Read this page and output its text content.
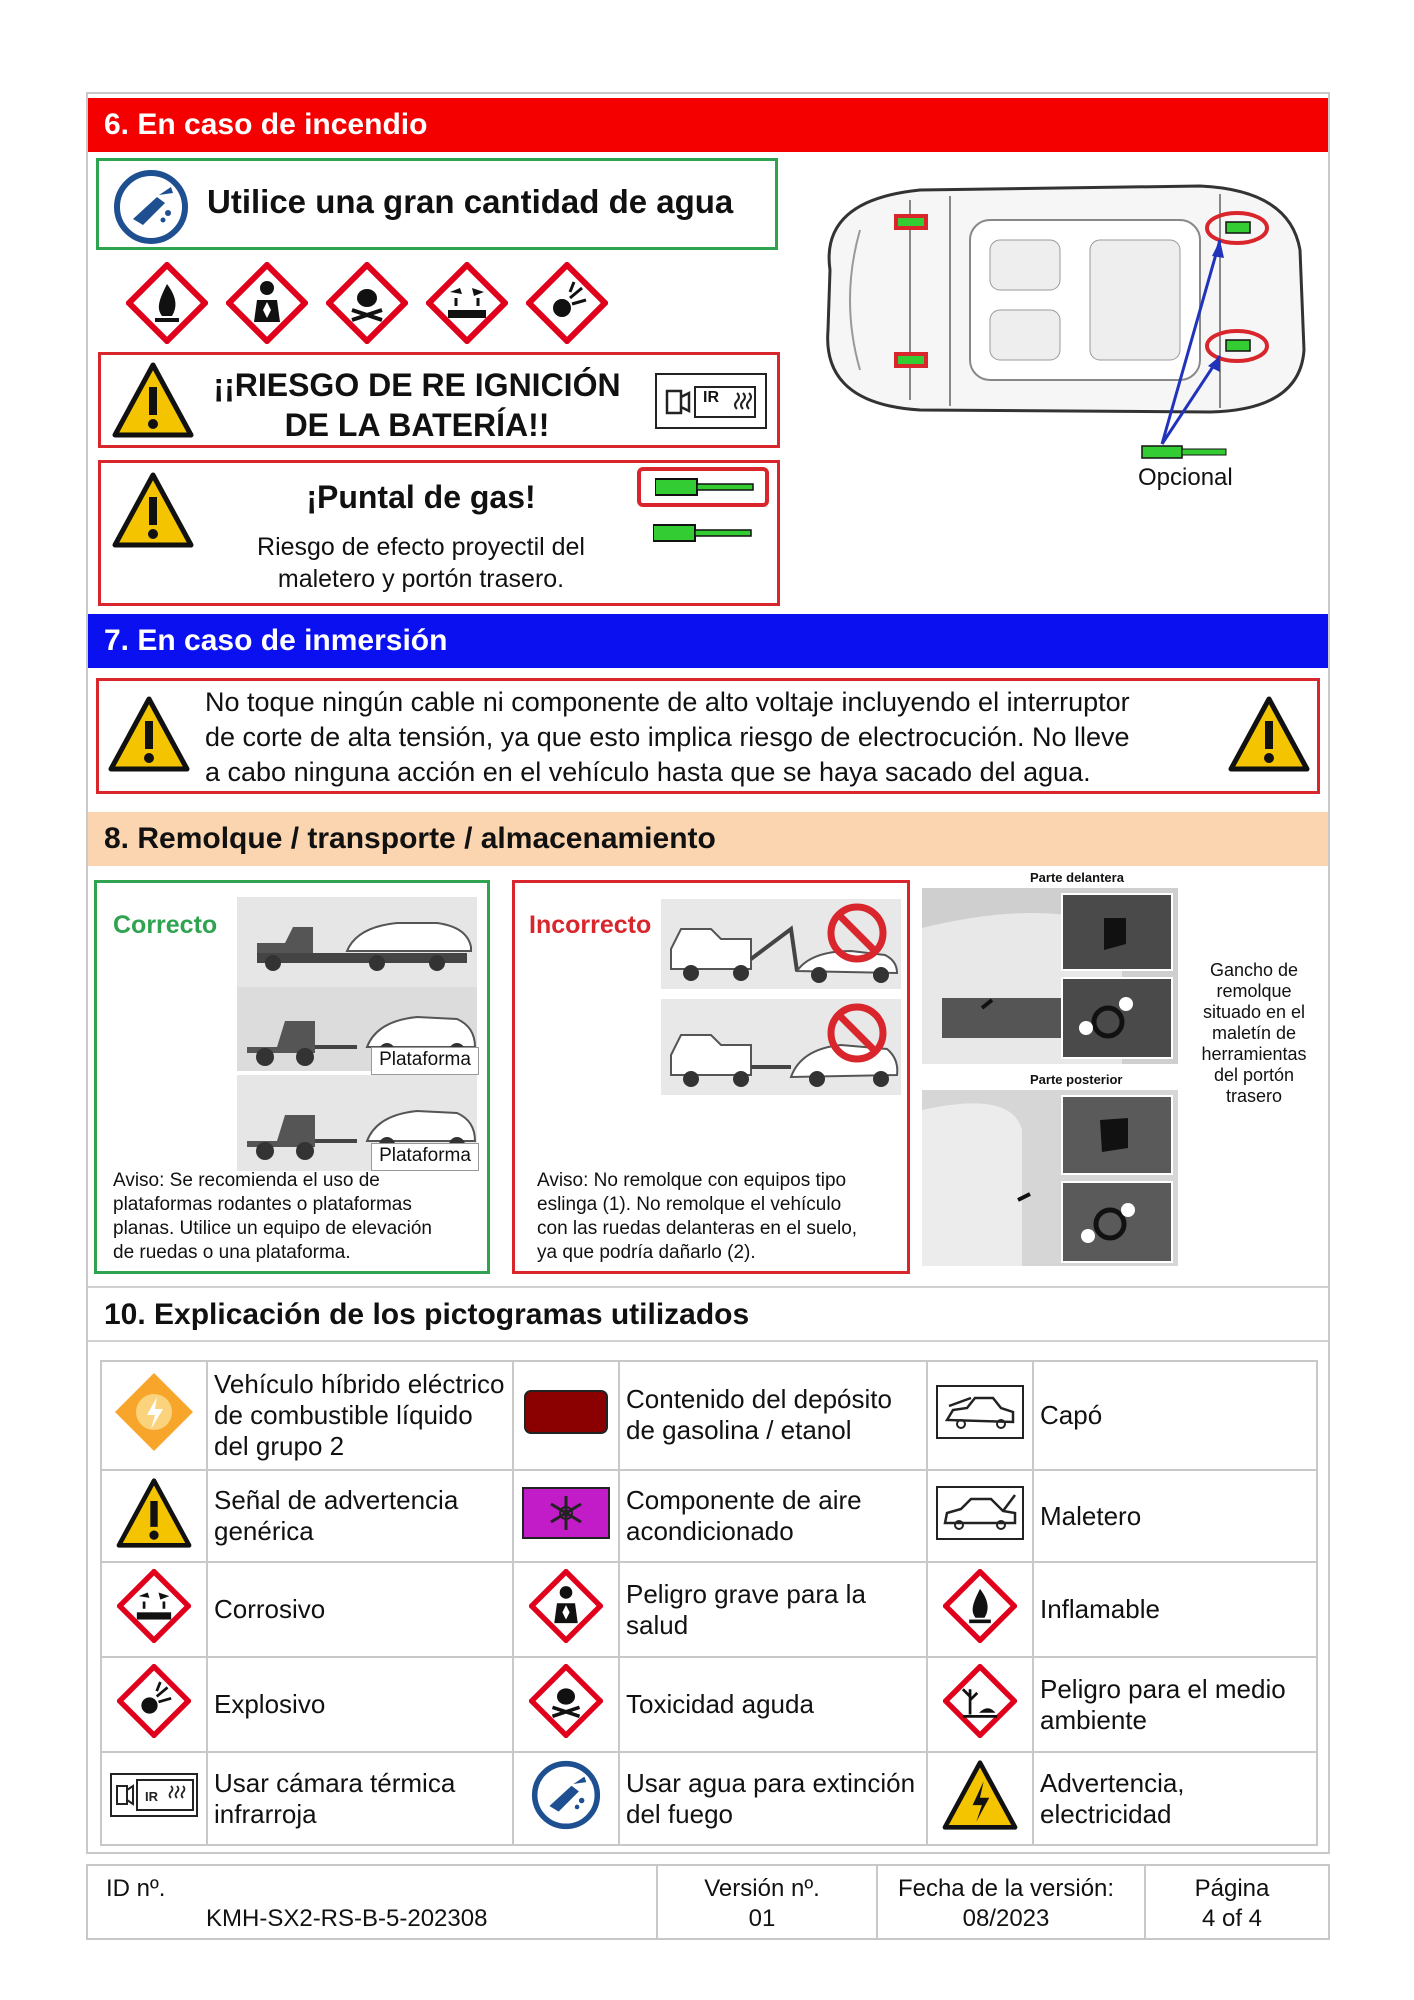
6. En caso de incendio
Utilice una gran cantidad de agua
¡¡RIESGO DE RE IGNICIÓN
DE LA BATERÍA!!
IR
¡Puntal de gas!
Riesgo de efecto proyectil del
maletero y portón trasero.
Opcional
7. En caso de inmersión
No toque ningún cable ni componente de alto voltaje incluyendo el interruptor
de corte de alta tensión, ya que esto implica riesgo de electrocución. No lleve
a cabo ninguna acción en el vehículo hasta que se haya sacado del agua.
8. Remolque / transporte / almacenamiento
Correcto
Plataforma
Plataforma
Aviso: Se recomienda el uso de
plataformas rodantes o plataformas
planas. Utilice un equipo de elevación
de ruedas o una plataforma.
Incorrecto
Aviso: No remolque con equipos tipo
eslinga (1). No remolque el vehículo
con las ruedas delanteras en el suelo,
ya que podría dañarlo (2).
Parte delantera
Parte posterior
Gancho de
remolque
situado en el
maletín de
herramientas
del portón
trasero
10. Explicación de los pictogramas utilizados
	Vehículo híbrido eléctrico de combustible líquido del grupo 2		Contenido del depósito de gasolina / etanol		Capó
	Señal de advertencia genérica		Componente de aire acondicionado		Maletero
	Corrosivo		Peligro grave para la salud		Inflamable
	Explosivo		Toxicidad aguda		Peligro para el medio ambiente

IR	Usar cámara térmica infrarroja		Usar agua para extinción del fuego		Advertencia, electricidad
ID nº.
KMH-SX2-RS-B-5-202308

Versión nº.
01

Fecha de la versión:
08/2023

Página
4 of 4
